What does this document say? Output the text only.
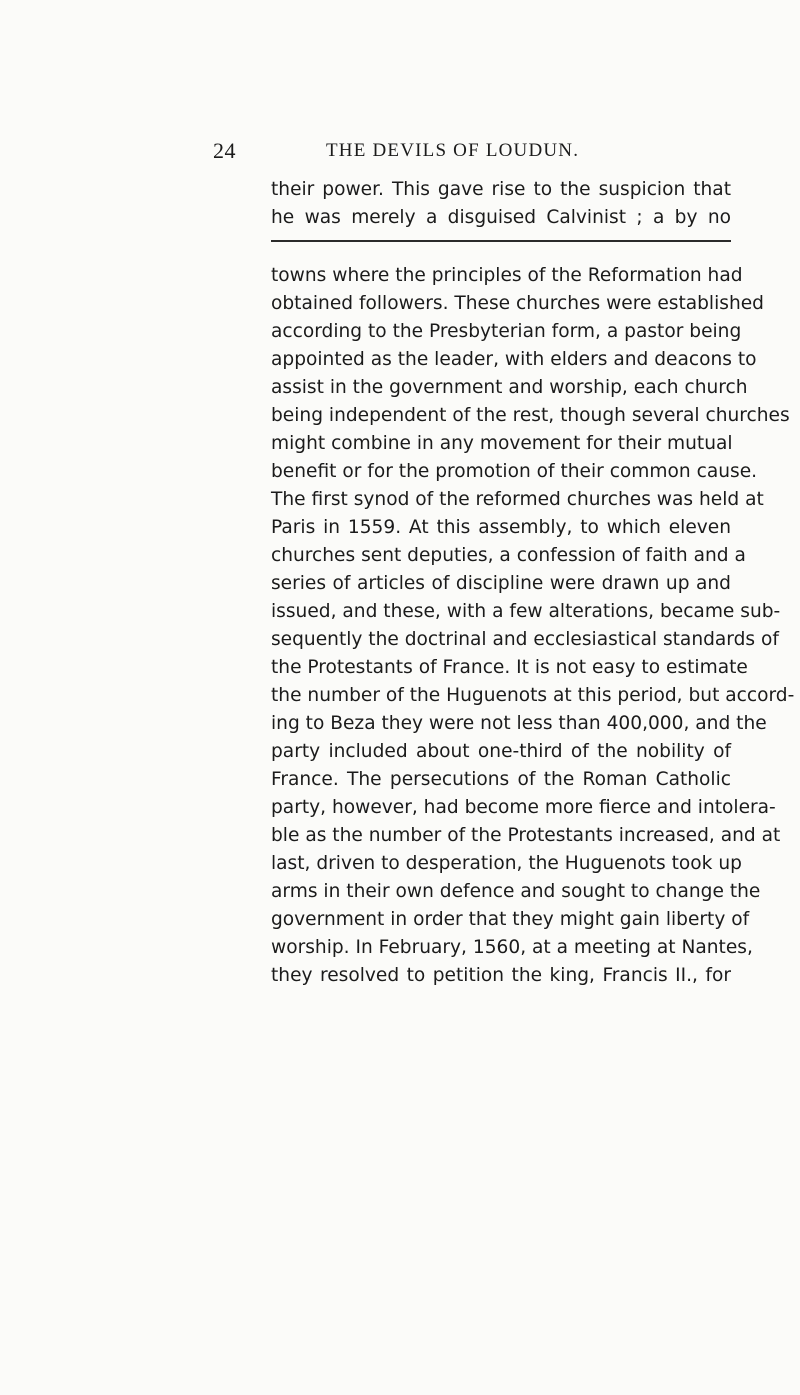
24	THE DEVILS OF LOUDUN.
their power. This gave rise to the suspicion that
he was merely a disguised Calvinist ; a by no
towns where the principles of the Reformation had
obtained followers. These churches were established
according to the Presbyterian form, a pastor being
appointed as the leader, with elders and deacons to
assist in the government and worship, each church
being independent of the rest, though several churches
might combine in any movement for their mutual
benefit or for the promotion of their common cause.
The first synod of the reformed churches was held at
Paris in 1559. At this assembly, to which eleven
churches sent deputies, a confession of faith and a
series of articles of discipline were drawn up and
issued, and these, with a few alterations, became sub-
sequently the doctrinal and ecclesiastical standards of
the Protestants of France. It is not easy to estimate
the number of the Huguenots at this period, but accord-
ing to Beza they were not less than 400,000, and the
party included about one-third of the nobility of
France. The persecutions of the Roman Catholic
party, however, had become more fierce and intolera-
ble as the number of the Protestants increased, and at
last, driven to desperation, the Huguenots took up
arms in their own defence and sought to change the
government in order that they might gain liberty of
worship. In February, 1560, at a meeting at Nantes,
they resolved to petition the king, Francis II., for
